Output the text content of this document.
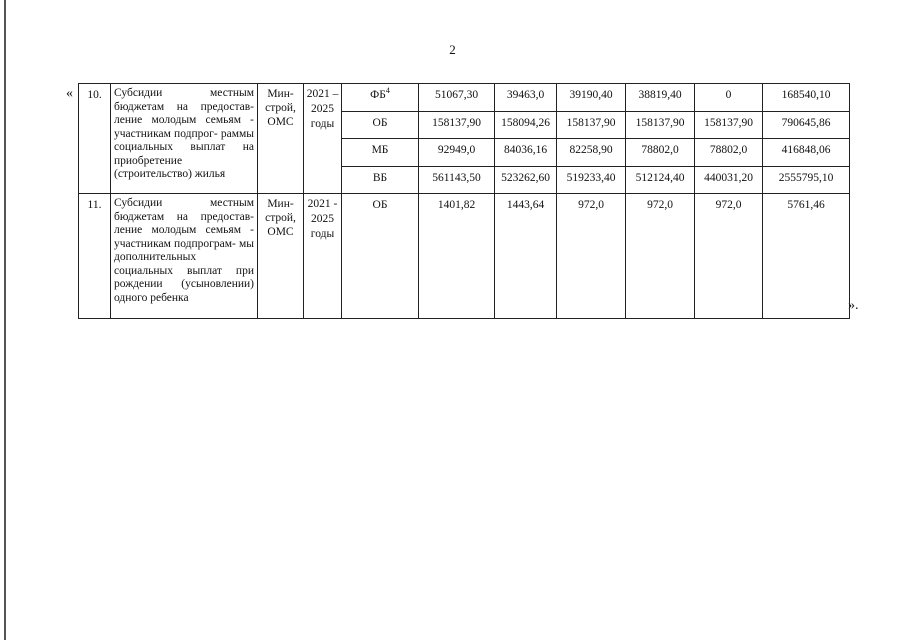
2
«
».
10.	Субсидии местным бюджетам на предостав- ление молодым семьям - участникам подпрог- раммы социальных выплат на приобретение (строительство) жилья	Мин- строй, ОМС	2021 – 2025 годы	$ФБ^4$	51067,30	39463,0	39190,40	38819,40	0	168540,10
				ОБ	158137,90	158094,26	158137,90	158137,90	158137,90	790645,86
				МБ	92949,0	84036,16	82258,90	78802,0	78802,0	416848,06
				ВБ	561143,50	523262,60	519233,40	512124,40	440031,20	2555795,10
11.	Субсидии местным бюджетам на предостав- ление молодым семьям - участникам подпрограм- мы дополнительных социальных выплат при рождении (усыновлении) одного ребенка	Мин- строй, ОМС	2021 - 2025 годы	ОБ	1401,82	1443,64	972,0	972,0	972,0	5761,46
